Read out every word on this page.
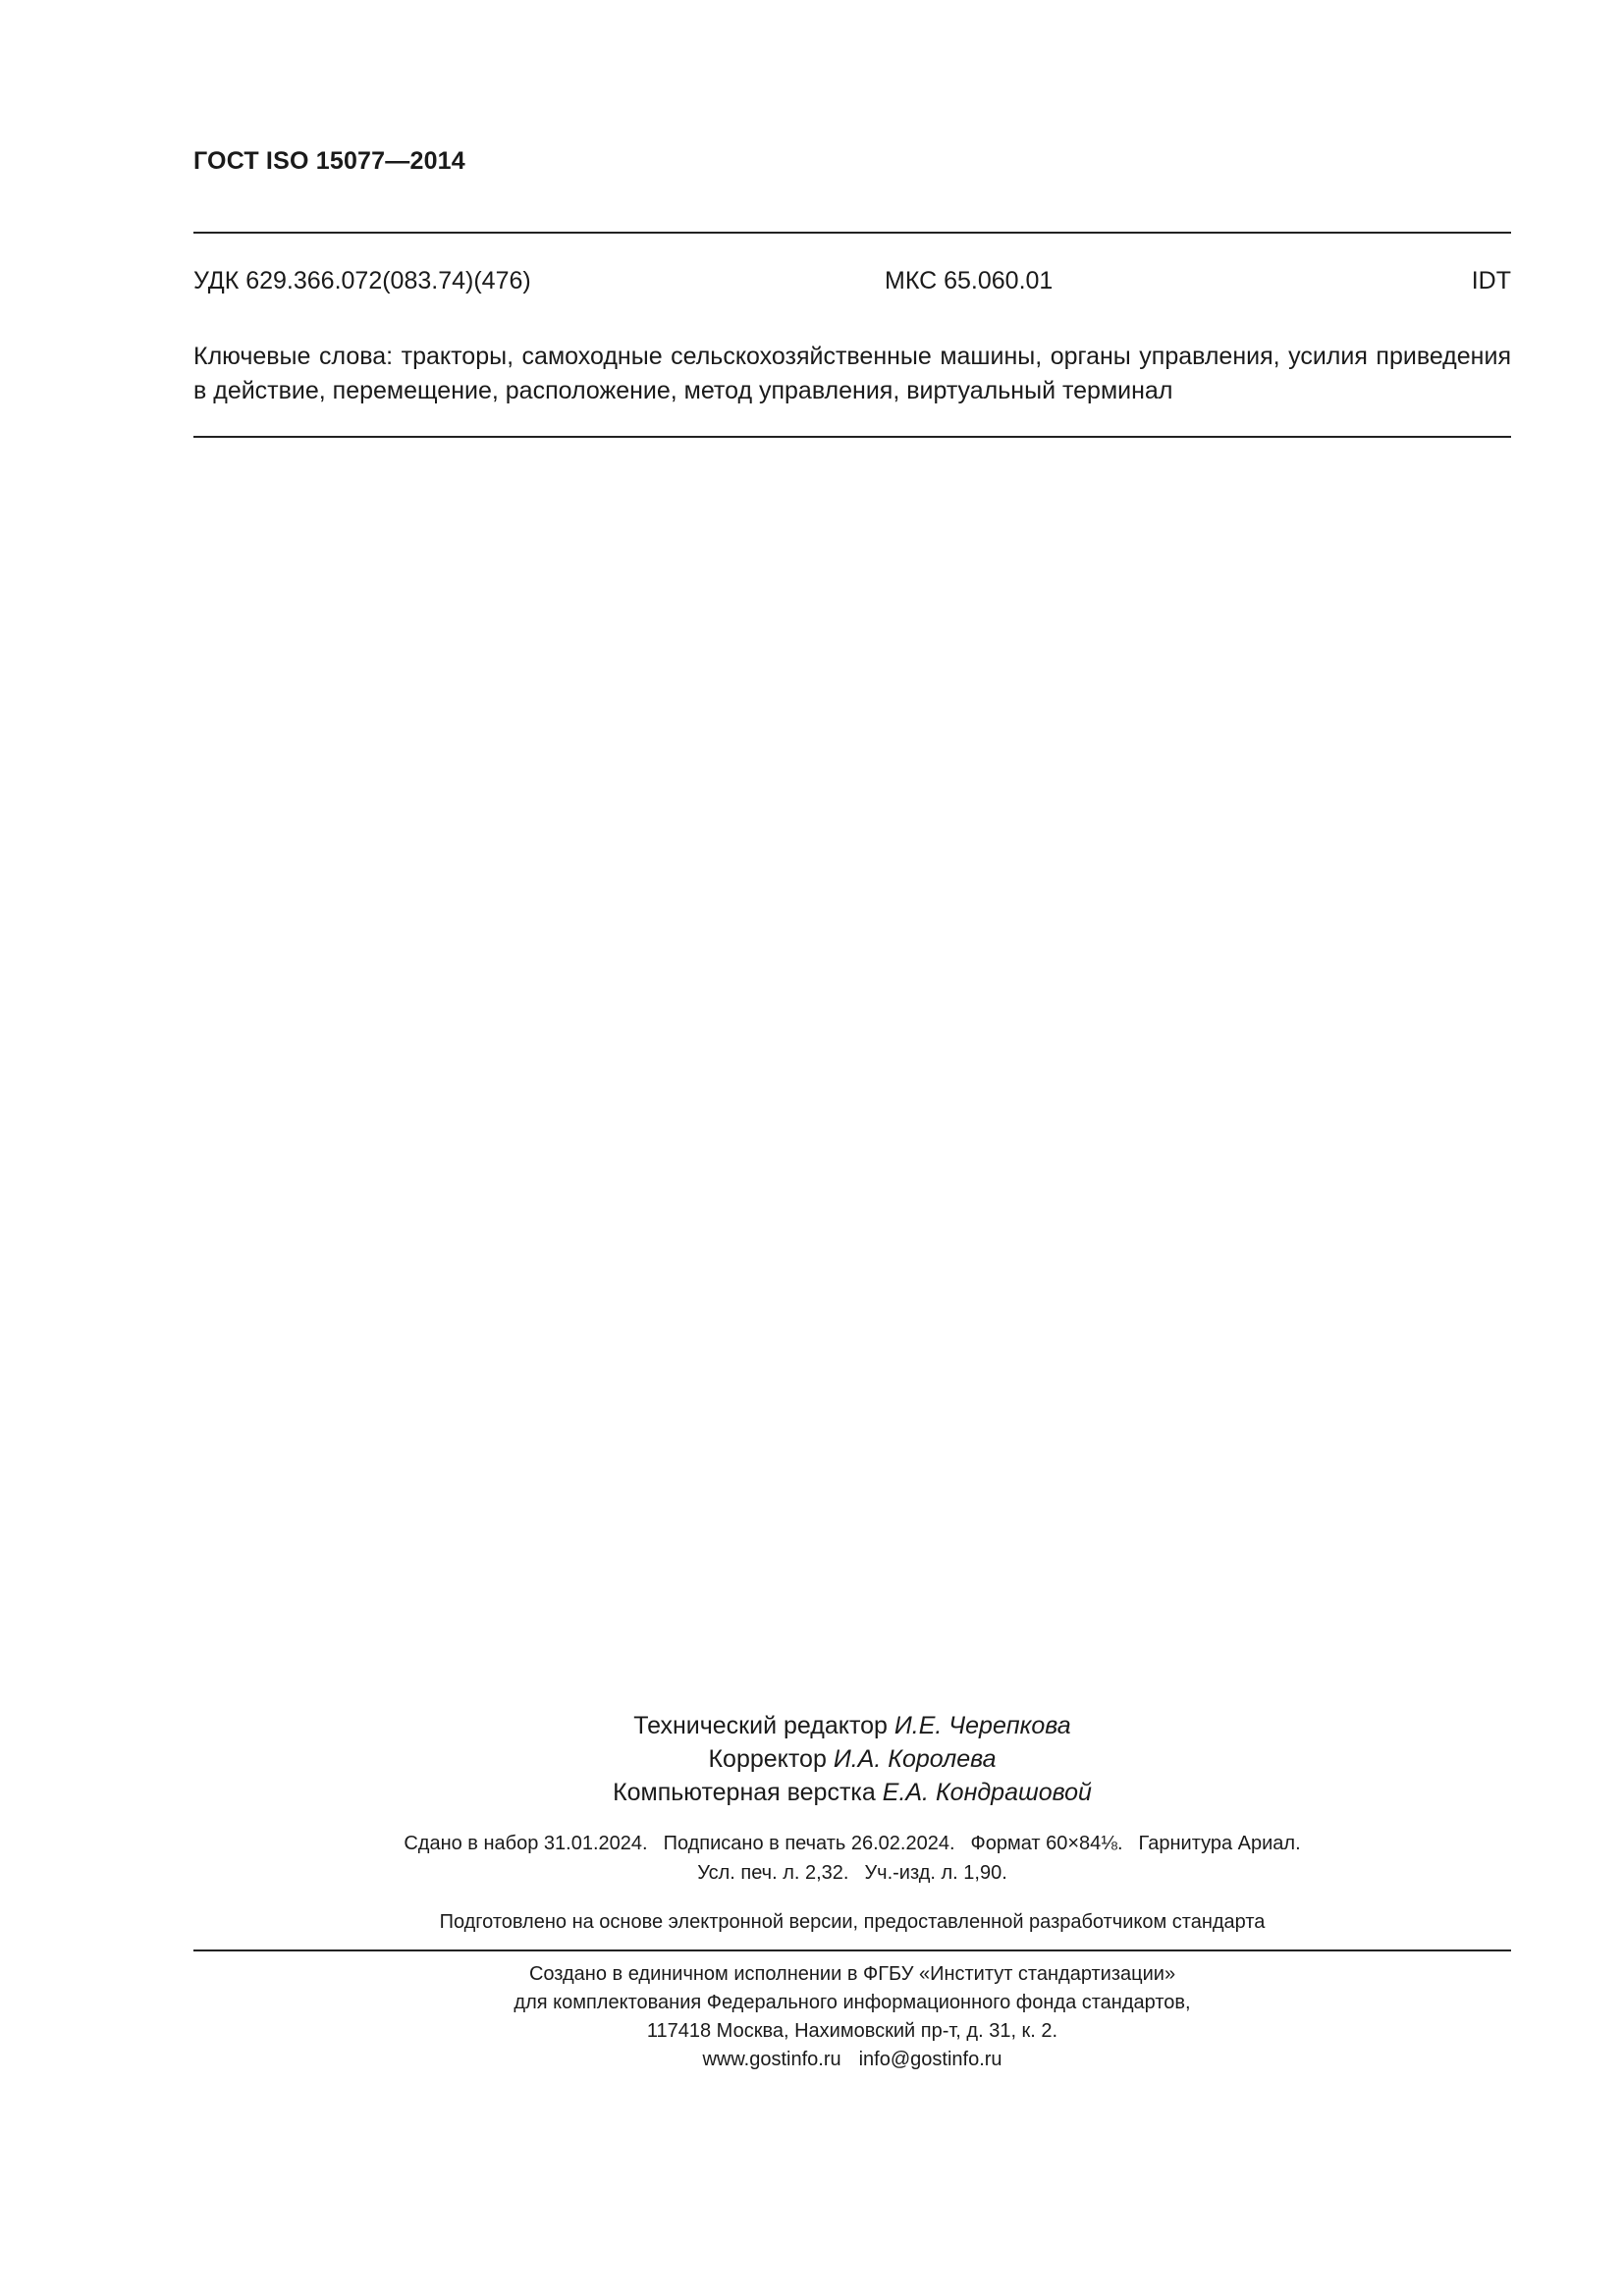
ГОСТ ISO 15077—2014
УДК 629.366.072(083.74)(476)	МКС 65.060.01	IDT
Ключевые слова: тракторы, самоходные сельскохозяйственные машины, органы управления, усилия приведения в действие, перемещение, расположение, метод управления, виртуальный терминал
Технический редактор И.Е. Черепкова
Корректор И.А. Королева
Компьютерная верстка Е.А. Кондрашовой
Сдано в набор 31.01.2024. Подписано в печать 26.02.2024. Формат 60×84⅛. Гарнитура Ариал.
Усл. печ. л. 2,32. Уч.-изд. л. 1,90.
Подготовлено на основе электронной версии, предоставленной разработчиком стандарта
Создано в единичном исполнении в ФГБУ «Институт стандартизации»
для комплектования Федерального информационного фонда стандартов,
117418 Москва, Нахимовский пр-т, д. 31, к. 2.
www.gostinfo.ru info@gostinfo.ru
